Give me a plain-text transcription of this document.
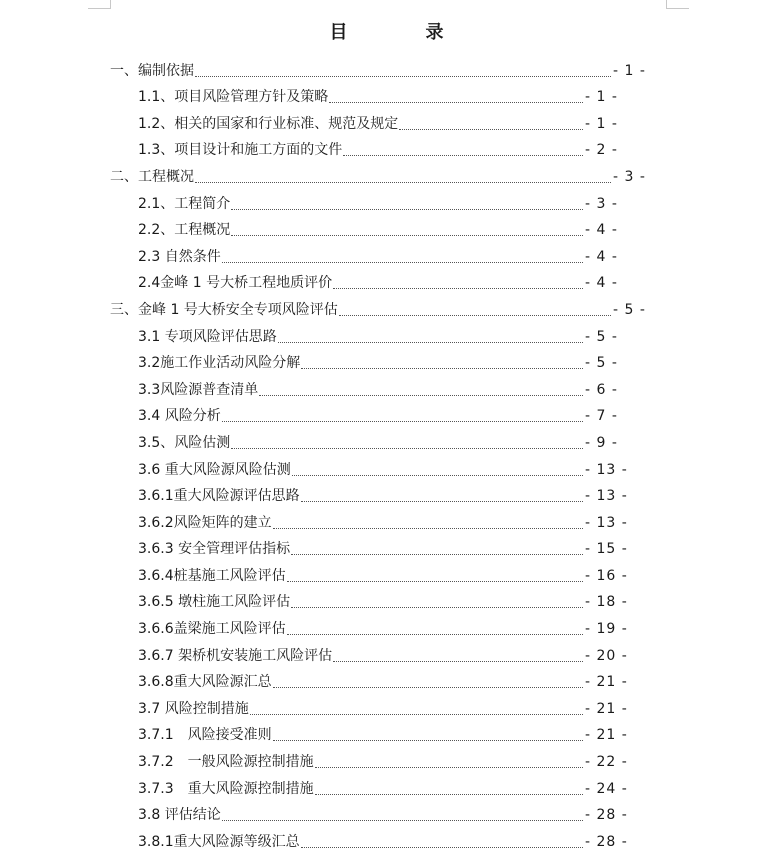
目　录
一、编制依据	- 1 -
1.1、项目风险管理方针及策略	- 1 -
1.2、相关的国家和行业标准、规范及规定	- 1 -
1.3、项目设计和施工方面的文件	- 2 -
二、工程概况	- 3 -
2.1、工程简介	- 3 -
2.2、工程概况	- 4 -
2.3 自然条件	- 4 -
2.4金峰 1 号大桥工程地质评价	- 4 -
三、金峰 1 号大桥安全专项风险评估	- 5 -
3.1 专项风险评估思路	- 5 -
3.2施工作业活动风险分解	- 5 -
3.3风险源普查清单	- 6 -
3.4 风险分析	- 7 -
3.5、风险估测	- 9 -
3.6 重大风险源风险估测	- 13 -
3.6.1重大风险源评估思路	- 13 -
3.6.2风险矩阵的建立	- 13 -
3.6.3 安全管理评估指标	- 15 -
3.6.4桩基施工风险评估	- 16 -
3.6.5 墩柱施工风险评估	- 18 -
3.6.6盖梁施工风险评估	- 19 -
3.6.7 架桥机安装施工风险评估	- 20 -
3.6.8重大风险源汇总	- 21 -
3.7 风险控制措施	- 21 -
3.7.1　风险接受准则	- 21 -
3.7.2　一般风险源控制措施	- 22 -
3.7.3　重大风险源控制措施	- 24 -
3.8 评估结论	- 28 -
3.8.1重大风险源等级汇总	- 28 -
